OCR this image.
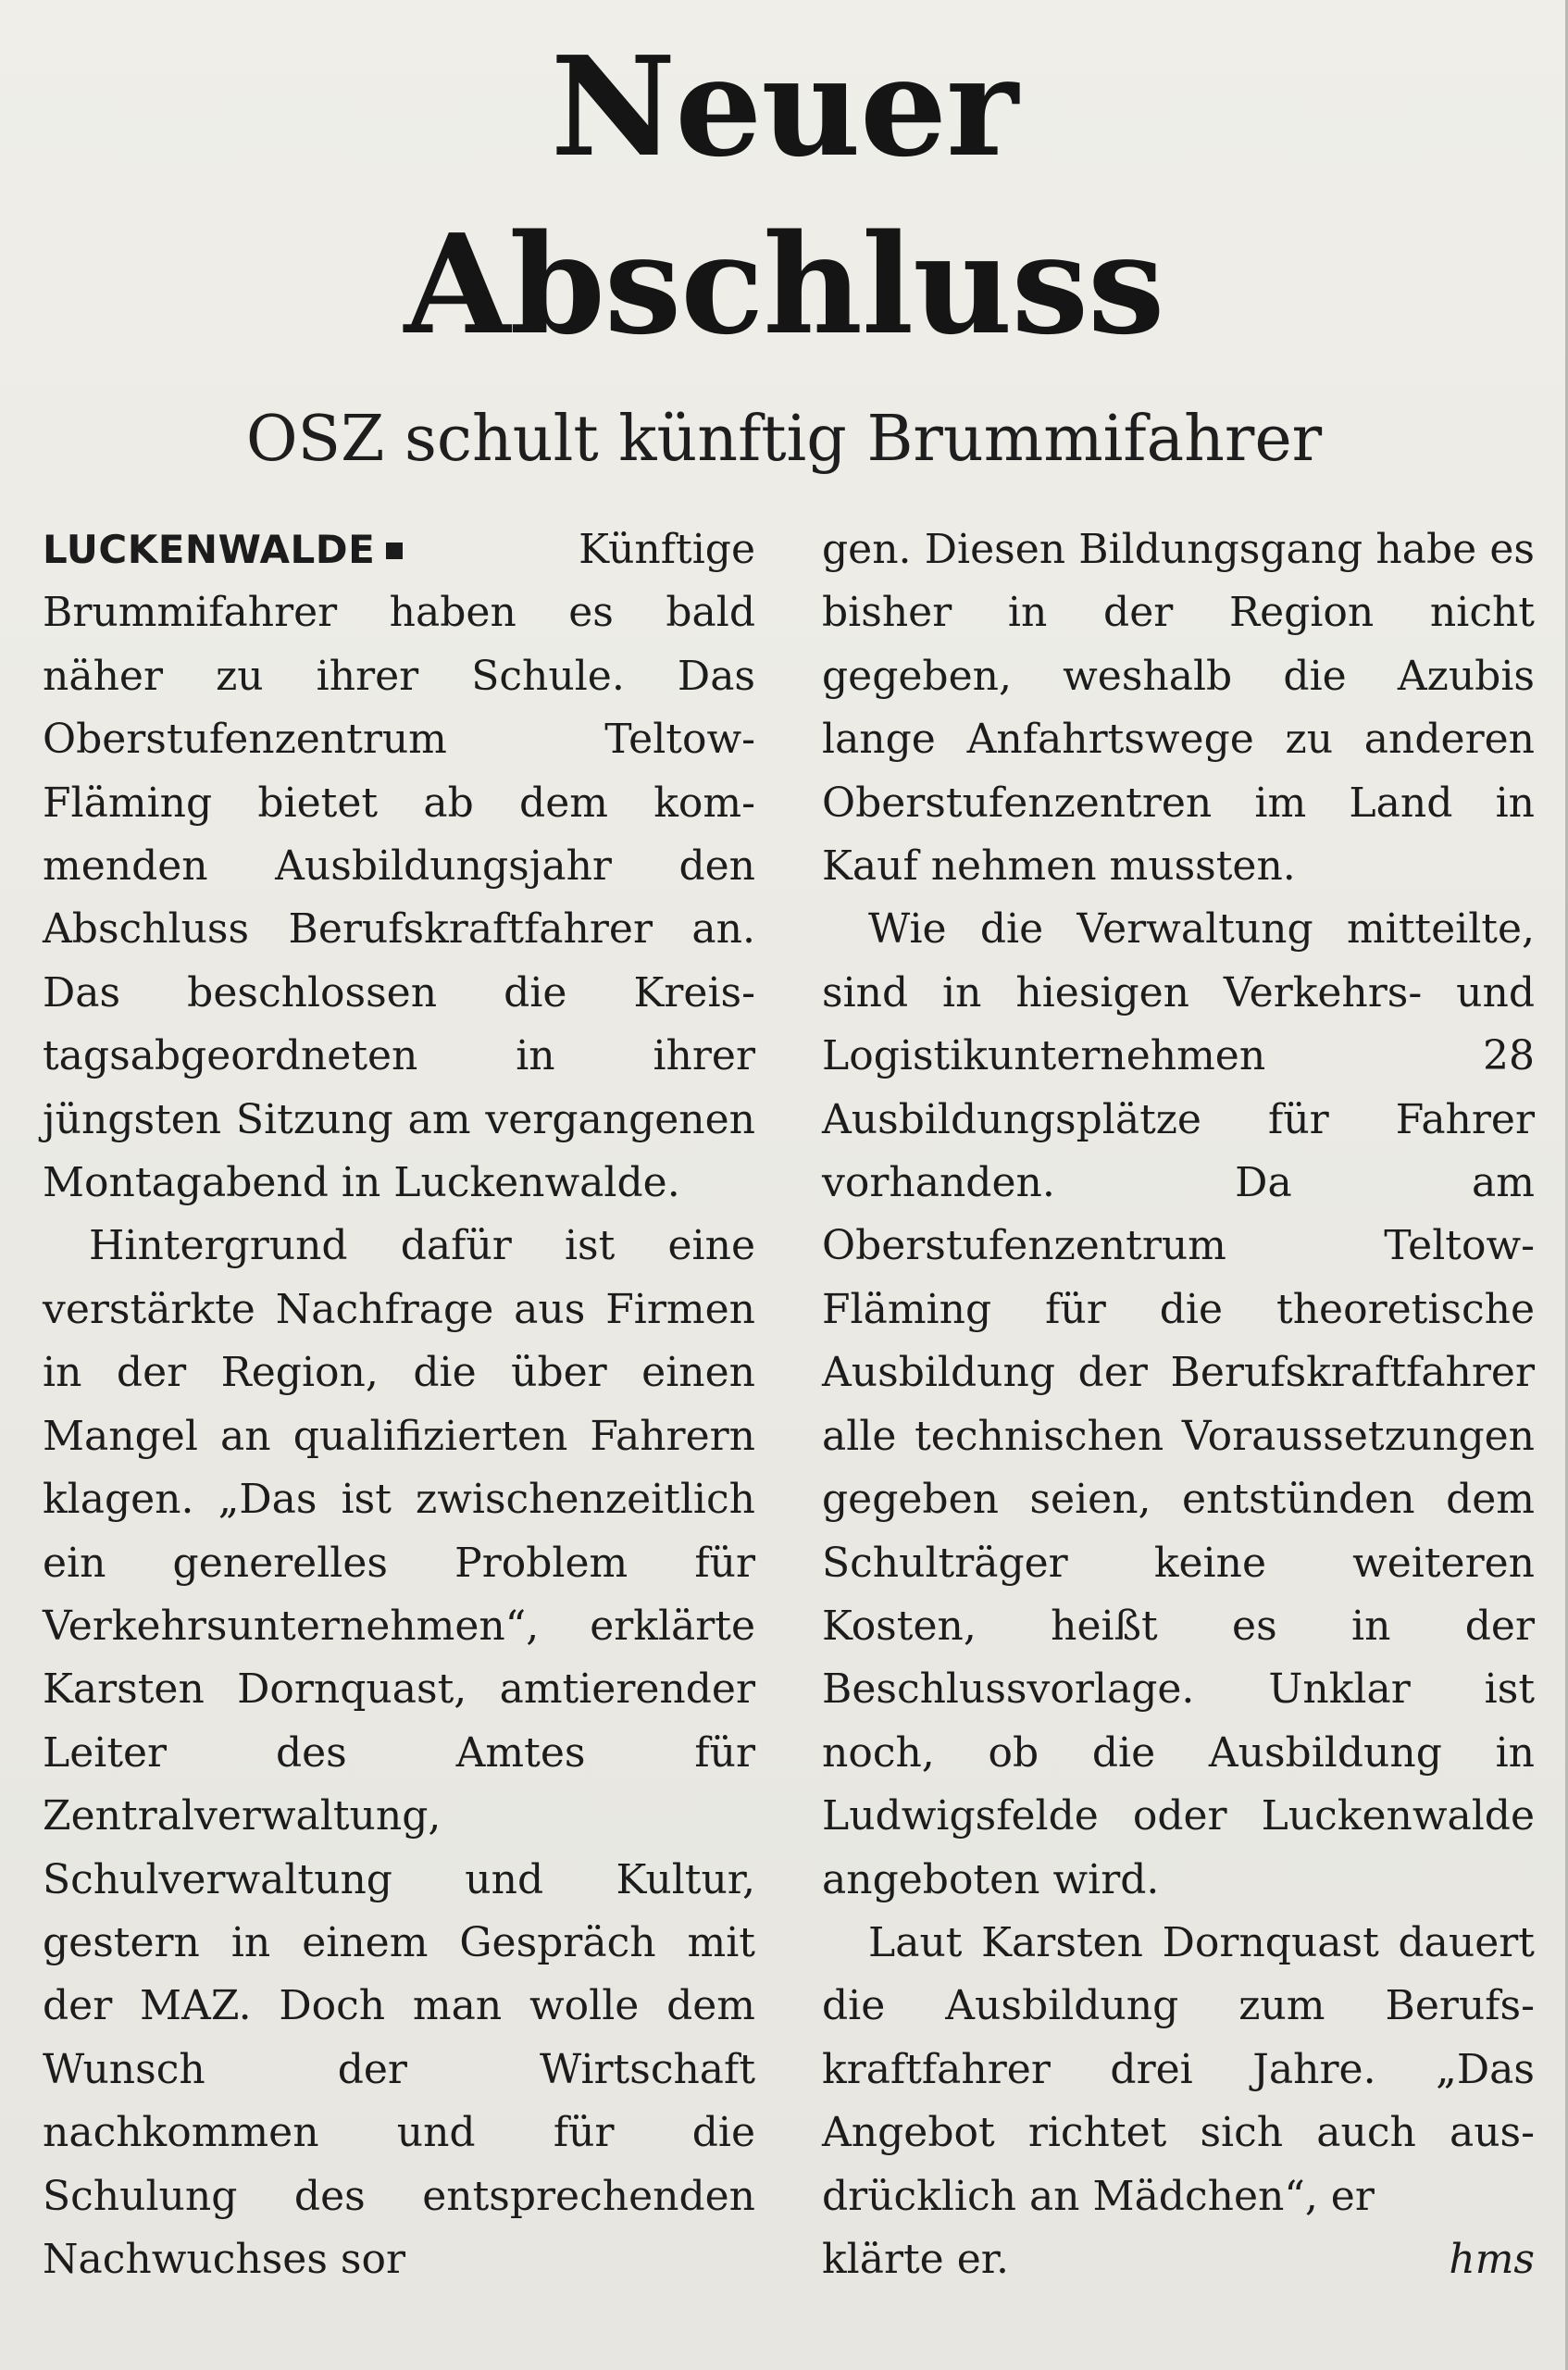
Neuer
Abschluss
OSZ schult künftig Brummifahrer

LUCKENWALDE	Künftige Brummifahrer haben es bald näher zu ihrer Schule. Das Oberstufenzentrum Teltow-Fläming bietet ab dem kommenden Ausbildungsjahr den Abschluss Berufskraftfahrer an. Das beschlossen die Kreistagsabgeordneten in ihrer jüngsten Sitzung am vergangenen Montagabend in Luckenwalde.

Hintergrund dafür ist eine verstärkte Nachfrage aus Firmen in der Region, die über einen Mangel an qualifizierten Fahrern klagen. „Das ist zwischenzeitlich ein generelles Problem für Verkehrsunternehmen“, erklärte Karsten Dornquast, amtierender Leiter des Amtes für Zentralverwaltung, Schulverwaltung und Kultur, gestern in einem Gespräch mit der MAZ. Doch man wolle dem Wunsch der Wirtschaft nachkommen und für die Schulung des entsprechenden Nachwuchses sor

gen. Diesen Bildungsgang habe es bisher in der Region nicht gegeben, weshalb die Azubis lange Anfahrtswege zu anderen Oberstufenzentren im Land in Kauf nehmen mussten.

Wie die Verwaltung mitteilte, sind in hiesigen Verkehrs- und Logistikunternehmen 28 Ausbildungsplätze für Fahrer vorhanden. Da am Oberstufenzentrum Teltow-Fläming für die theoretische Ausbildung der Berufskraftfahrer alle technischen Voraussetzungen gegeben seien, entstünden dem Schulträger keine weiteren Kosten, heißt es in der Beschlussvorlage. Unklar ist noch, ob die Ausbildung in Ludwigsfelde oder Luckenwalde angeboten wird.

Laut Karsten Dornquast dauert die Ausbildung zum Berufskraftfahrer drei Jahre. „Das Angebot richtet sich auch ausdrücklich an Mädchen“, er

klärte er.	hms
